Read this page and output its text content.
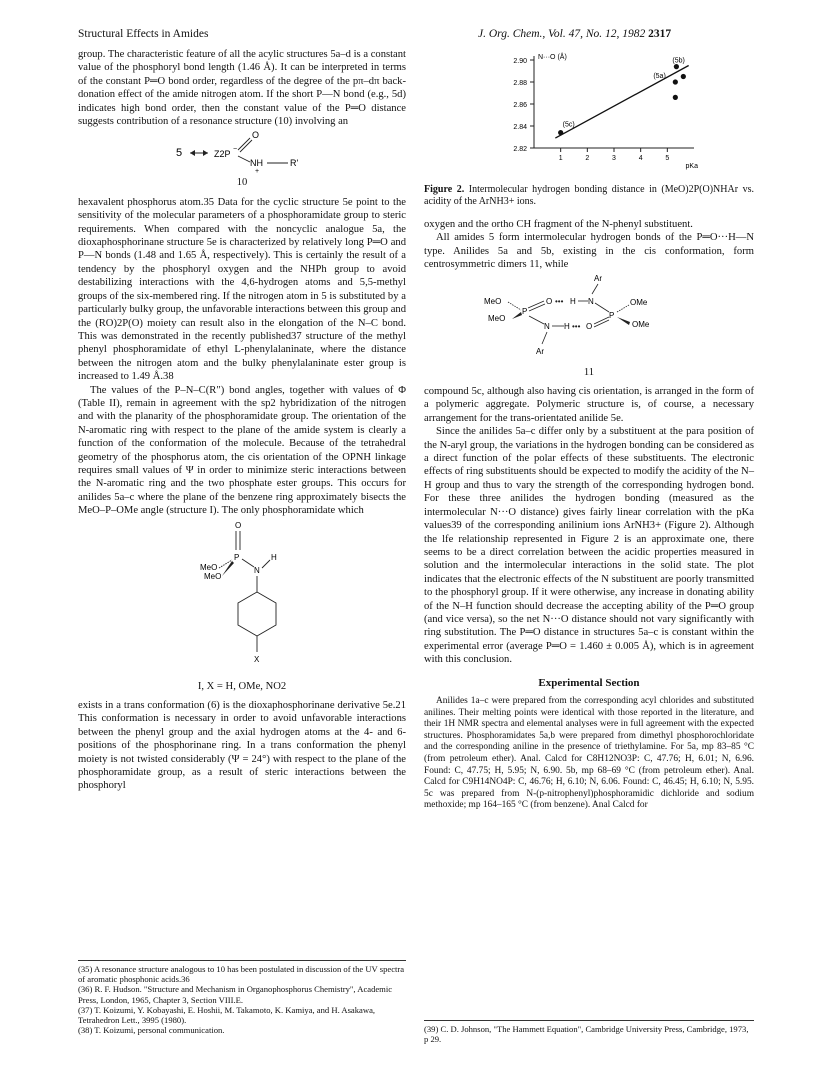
Structural Effects in Amides	J. Org. Chem., Vol. 47, No. 12, 1982 2317

group. The characteristic feature of all the acylic structures 5a–d is a constant value of the phosphoryl bond length (1.46 Å). It can be interpreted in terms of the constant P═O bond order, regardless of the degree of the pπ–dπ back-donation effect of the amide nitrogen atom. If the short P—N bond (e.g., 5d) indicates high bond order, then the constant value of the P═O distance suggests contribution of a resonance structure (10) involving an

5	Z2P −
O
NH
+
R'
10

hexavalent phosphorus atom.35 Data for the cyclic structure 5e point to the sensitivity of the molecular parameters of a phosphoramidate group to steric requirements. When compared with the noncyclic analogue 5a, the dioxaphosphorinane structure 5e is characterized by relatively long P═O and P—N bonds (1.48 and 1.65 Å, respectively). This is certainly the result of a tendency by the phosphoryl oxygen and the NHPh group to avoid destabilizing interactions with the 4,6-hydrogen atoms and 5,5-methyl groups of the six-membered ring. If the nitrogen atom in 5 is substituted by a particularly bulky group, the unfavorable interactions between this group and the (RO)2P(O) moiety can result also in the elongation of the N–C bond. This was demonstrated in the recently published37 structure of the methyl phenyl phosphoramidate of ethyl L-phenylalaninate, where the distance between the nitrogen atom and the bulky phenylalaninate ester group is increased to 1.49 Å.38

The values of the P–N–C(R″) bond angles, together with values of Φ (Table II), remain in agreement with the sp2 hybridization of the nitrogen and with the planarity of the phosphoramidate group. The orientation of the N-aromatic ring with respect to the plane of the amide system is clearly a function of the conformation of the molecule. Because of the tetrahedral geometry of the phosphorus atom, the cis orientation of the OPNH linkage requires small values of Ψ in order to minimize steric interactions between the N-aromatic ring and the two phosphate ester groups. This occurs for anilides 5a–c where the plane of the benzene ring approximately bisects the MeO–P–OMe angle (structure I). The only phosphoramidate which

O
P
MeO
MeO
N
H
X
I, X = H, OMe, NO2

exists in a trans conformation (6) is the dioxaphosphorinane derivative 5e.21 This conformation is necessary in order to avoid unfavorable interactions between the phenyl group and the axial hydrogen atoms at the 4- and 6-positions of the phosphorinane ring. In a trans conformation the phenyl moiety is not twisted considerably (Ψ = 24°) with respect to the plane of the phosphoramidate group, as a result of steric interactions between the phosphoryl

(35) A resonance structure analogous to 10 has been postulated in discussion of the UV spectra of aromatic phosphonic acids.36
(36) R. F. Hudson. "Structure and Mechanism in Organophosphorus Chemistry", Academic Press, London, 1965, Chapter 3, Section VIII.E.
(37) T. Koizumi, Y. Kobayashi, E. Hoshii, M. Takamoto, K. Kamiya, and H. Asakawa, Tetrahedron Lett., 3995 (1980).
(38) T. Koizumi, personal communication.
2.82
2.84
2.86
2.88
2.90
1	2	3	4	5
N···O (Å)
pKa
(5c)
(5a)
(5b)
Figure 2. Intermolecular hydrogen bonding distance in (MeO)2P(O)NHAr vs. acidity of the ArNH3+ ions.

oxygen and the ortho CH fragment of the N-phenyl substituent.

All amides 5 form intermolecular hydrogen bonds of the P═O···H—N type. Anilides 5a and 5b, existing in the cis conformation, form centrosymmetric dimers 11, while

Ar
MeO
MeO
P
O ••• H N
N H ••• O
P
OMe
OMe
Ar
11

compound 5c, although also having cis orientation, is arranged in the form of a polymeric aggregate. Polymeric structure is, of course, a necessary arrangement for the trans-orientated anilide 5e.

Since the anilides 5a–c differ only by a substituent at the para position of the N-aryl group, the variations in the hydrogen bonding can be considered as a direct function of the polar effects of these substituents. The electronic effects of ring substituents should be expected to modify the acidity of the N–H group and thus to vary the strength of the corresponding hydrogen bond. For these three anilides the hydrogen bonding (measured as the intermolecular N···O distance) gives fairly linear correlation with the pKa values39 of the corresponding anilinium ions ArNH3+ (Figure 2). Although the lfe relationship represented in Figure 2 is an approximate one, there seems to be a direct correlation between the acidic properties measured in solution and the intermolecular interactions in the solid state. The plot indicates that the electronic effects of the N substituent are poorly transmitted to the phosphoryl group. If it were otherwise, any increase in donating ability of the N–H function should decrease the accepting ability of the P═O group (and vice versa), so the net N···O distance should not vary significantly with ring substitution. The P═O distance in structures 5a–c is constant within the experimental error (average P═O = 1.460 ± 0.005 Å), which is in agreement with this conclusion.

Experimental Section

Anilides 1a–c were prepared from the corresponding acyl chlorides and substituted anilines. Their melting points were identical with those reported in the literature, and their 1H NMR spectra and elemental analyses were in full agreement with the expected structures. Phosphoramidates 5a,b were prepared from dimethyl phosphorochloridate and the corresponding aniline in the presence of triethylamine. For 5a, mp 83–85 °C (from petroleum ether). Anal. Calcd for C8H12NO3P: C, 47.76; H, 6.01; N, 6.96. Found: C, 47.75; H, 5.95; N, 6.90. 5b, mp 68–69 °C (from petroleum ether). Anal. Calcd for C9H14NO4P: C, 46.76; H, 6.10; N, 6.06. Found: C, 46.45; H, 6.10; N, 5.95. 5c was prepared from N-(p-nitrophenyl)phosphoramidic dichloride and sodium methoxide; mp 164–165 °C (from benzene). Anal Calcd for

(39) C. D. Johnson, "The Hammett Equation", Cambridge University Press, Cambridge, 1973, p 29.
